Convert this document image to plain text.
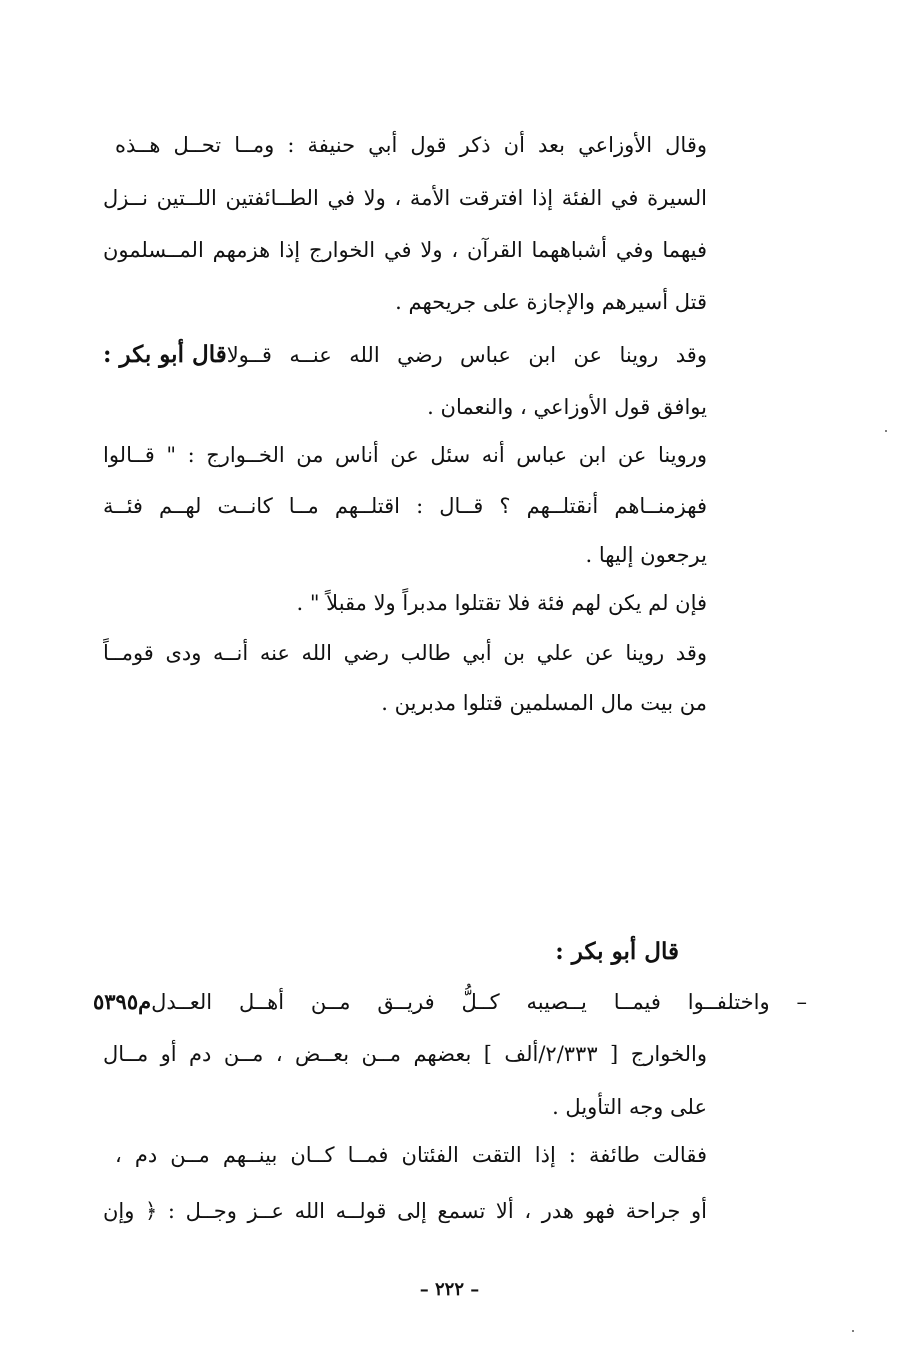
وقال الأوزاعي بعد أن ذكر قول أبي حنيفة : ومــا تحــل هــذه
السيرة في الفئة إذا افترقت الأمة ، ولا في الطــائفتين اللــتين نــزل
فيهما وفي أشباههما القرآن ، ولا في الخوارج إذا هزمهم المــسلمون
قتل أسيرهم والإجازة على جريحهم .
قال أبو بكر : وقد روينا عن ابن عباس رضي الله عنــه قــولا
يوافق قول الأوزاعي ، والنعمان .
وروينا عن ابن عباس أنه سئل عن أناس من الخــوارج : " قــالوا
فهزمنــاهم أنقتلــهم ؟ قــال : اقتلــهم مــا كانــت لهــم فئــة
يرجعون إليها .
فإن لم يكن لهم فئة فلا تقتلوا مدبراً ولا مقبلاً " .
وقد روينا عن علي بن أبي طالب رضي الله عنه أنــه ودى قومــاً
من بيت مال المسلمين قتلوا مدبرين .
قال أبو بكر :
م٥٣٩٥ – واختلفــوا فيمــا يــصيبه كــلُّ فريــق مــن أهــل العــدل
والخوارج [ ٢/٣٣٣/ألف ] بعضهم مــن بعــض ، مــن دم أو مــال
على وجه التأويل .
فقالت طائفة : إذا التقت الفئتان فمــا كــان بينــهم مــن دم ،
أو جراحة فهو هدر ، ألا تسمع إلى قولــه الله عــز وجــل : ﴿ وإن
– ٢٢٢ –
